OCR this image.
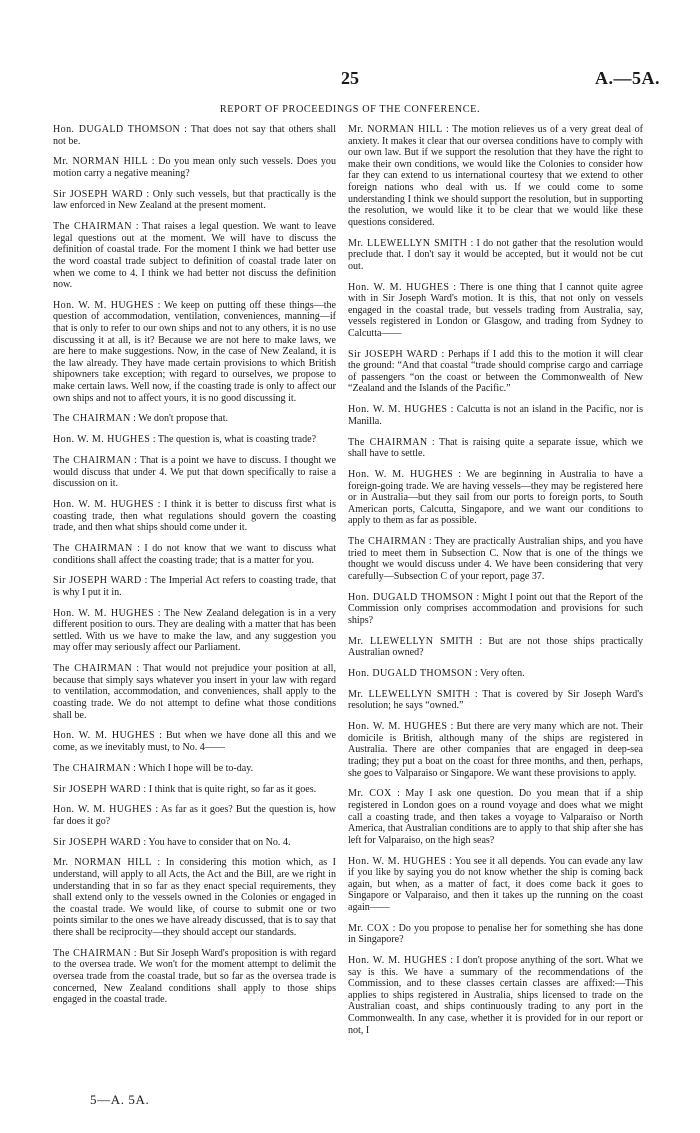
25	A.—5A.
REPORT OF PROCEEDINGS OF THE CONFERENCE.

Hon. DUGALD THOMSON : That does not say that others shall not be.

Mr. NORMAN HILL : Do you mean only such vessels. Does you motion carry a negative meaning?

Sir JOSEPH WARD : Only such vessels, but that practically is the law enforced in New Zealand at the present moment.

The CHAIRMAN : That raises a legal question. We want to leave legal questions out at the moment. We will have to discuss the definition of coastal trade. For the moment I think we had better use the word coastal trade subject to definition of coastal trade later on when we come to 4. I think we had better not discuss the definition now.

Hon. W. M. HUGHES : We keep on putting off these things—the question of accommodation, ventilation, conveniences, manning—if that is only to refer to our own ships and not to any others, it is no use discussing it at all, is it? Because we are not here to make laws, we are here to make suggestions. Now, in the case of New Zealand, it is the law already. They have made certain provisions to which British shipowners take exception; with regard to ourselves, we propose to make certain laws. Well now, if the coasting trade is only to affect our own ships and not to affect yours, it is no good discussing it.

The CHAIRMAN : We don't propose that.

Hon. W. M. HUGHES : The question is, what is coasting trade?

The CHAIRMAN : That is a point we have to discuss. I thought we would discuss that under 4. We put that down specifically to raise a discussion on it.

Hon. W. M. HUGHES : I think it is better to discuss first what is coasting trade, then what regulations should govern the coasting trade, and then what ships should come under it.

The CHAIRMAN : I do not know that we want to discuss what conditions shall affect the coasting trade; that is a matter for you.

Sir JOSEPH WARD : The Imperial Act refers to coasting trade, that is why I put it in.

Hon. W. M. HUGHES : The New Zealand delegation is in a very different position to ours. They are dealing with a matter that has been settled. With us we have to make the law, and any suggestion you may offer may seriously affect our Parliament.

The CHAIRMAN : That would not prejudice your position at all, because that simply says whatever you insert in your law with regard to ventilation, accommodation, and conveniences, shall apply to the coasting trade. We do not attempt to define what those conditions shall be.

Hon. W. M. HUGHES : But when we have done all this and we come, as we inevitably must, to No. 4——

The CHAIRMAN : Which I hope will be to-day.

Sir JOSEPH WARD : I think that is quite right, so far as it goes.

Hon. W. M. HUGHES : As far as it goes? But the question is, how far does it go?

Sir JOSEPH WARD : You have to consider that on No. 4.

Mr. NORMAN HILL : In considering this motion which, as I understand, will apply to all Acts, the Act and the Bill, are we right in understanding that in so far as they enact special requirements, they shall extend only to the vessels owned in the Colonies or engaged in the coastal trade. We would like, of course to submit one or two points similar to the ones we have already discussed, that is to say that there shall be reciprocity—they should accept our standards.

The CHAIRMAN : But Sir Joseph Ward's proposition is with regard to the oversea trade. We won't for the moment attempt to delimit the oversea trade from the coastal trade, but so far as the oversea trade is concerned, New Zealand conditions shall apply to those ships engaged in the coastal trade.

Mr. NORMAN HILL : The motion relieves us of a very great deal of anxiety. It makes it clear that our oversea conditions have to comply with our own law. But if we support the resolution that they have the right to make their own conditions, we would like the Colonies to consider how far they can extend to us international courtesy that we extend to other foreign nations who deal with us. If we could come to some understanding I think we should support the resolution, but in supporting the resolution, we would like it to be clear that we would like these questions considered.

Mr. LLEWELLYN SMITH : I do not gather that the resolution would preclude that. I don't say it would be accepted, but it would not be cut out.

Hon. W. M. HUGHES : There is one thing that I cannot quite agree with in Sir Joseph Ward's motion. It is this, that not only on vessels engaged in the coastal trade, but vessels trading from Australia, say, vessels registered in London or Glasgow, and trading from Sydney to Calcutta——

Sir JOSEPH WARD : Perhaps if I add this to the motion it will clear the ground: “And that coastal “trade should comprise cargo and carriage of passengers “on the coast or between the Commonwealth of New “Zealand and the Islands of the Pacific.”

Hon. W. M. HUGHES : Calcutta is not an island in the Pacific, nor is Manilla.

The CHAIRMAN : That is raising quite a separate issue, which we shall have to settle.

Hon. W. M. HUGHES : We are beginning in Australia to have a foreign-going trade. We are having vessels—they may be registered here or in Australia—but they sail from our ports to foreign ports, to South American ports, Calcutta, Singapore, and we want our conditions to apply to them as far as possible.

The CHAIRMAN : They are practically Australian ships, and you have tried to meet them in Subsection C. Now that is one of the things we thought we would discuss under 4. We have been considering that very carefully—Subsection C of your report, page 37.

Hon. DUGALD THOMSON : Might I point out that the Report of the Commission only comprises accommodation and provisions for such ships?

Mr. LLEWELLYN SMITH : But are not those ships practically Australian owned?

Hon. DUGALD THOMSON : Very often.

Mr. LLEWELLYN SMITH : That is covered by Sir Joseph Ward's resolution; he says “owned.”

Hon. W. M. HUGHES : But there are very many which are not. Their domicile is British, although many of the ships are registered in Australia. There are other companies that are engaged in deep-sea trading; they put a boat on the coast for three months, and then, perhaps, she goes to Valparaiso or Singapore. We want these provisions to apply.

Mr. COX : May I ask one question. Do you mean that if a ship registered in London goes on a round voyage and does what we might call a coasting trade, and then takes a voyage to Valparaiso or North America, that Australian conditions are to apply to that ship after she has left for Valparaiso, on the high seas?

Hon. W. M. HUGHES : You see it all depends. You can evade any law if you like by saying you do not know whether the ship is coming back again, but when, as a matter of fact, it does come back it goes to Singapore or Valparaiso, and then it takes up the running on the coast again——

Mr. COX : Do you propose to penalise her for something she has done in Singapore?

Hon. W. M. HUGHES : I don't propose anything of the sort. What we say is this. We have a summary of the recommendations of the Commission, and to these classes certain classes are affixed:—This applies to ships registered in Australia, ships licensed to trade on the Australian coast, and ships continuously trading to any port in the Commonwealth. In any case, whether it is provided for in our report or not, I

5—A. 5A.
